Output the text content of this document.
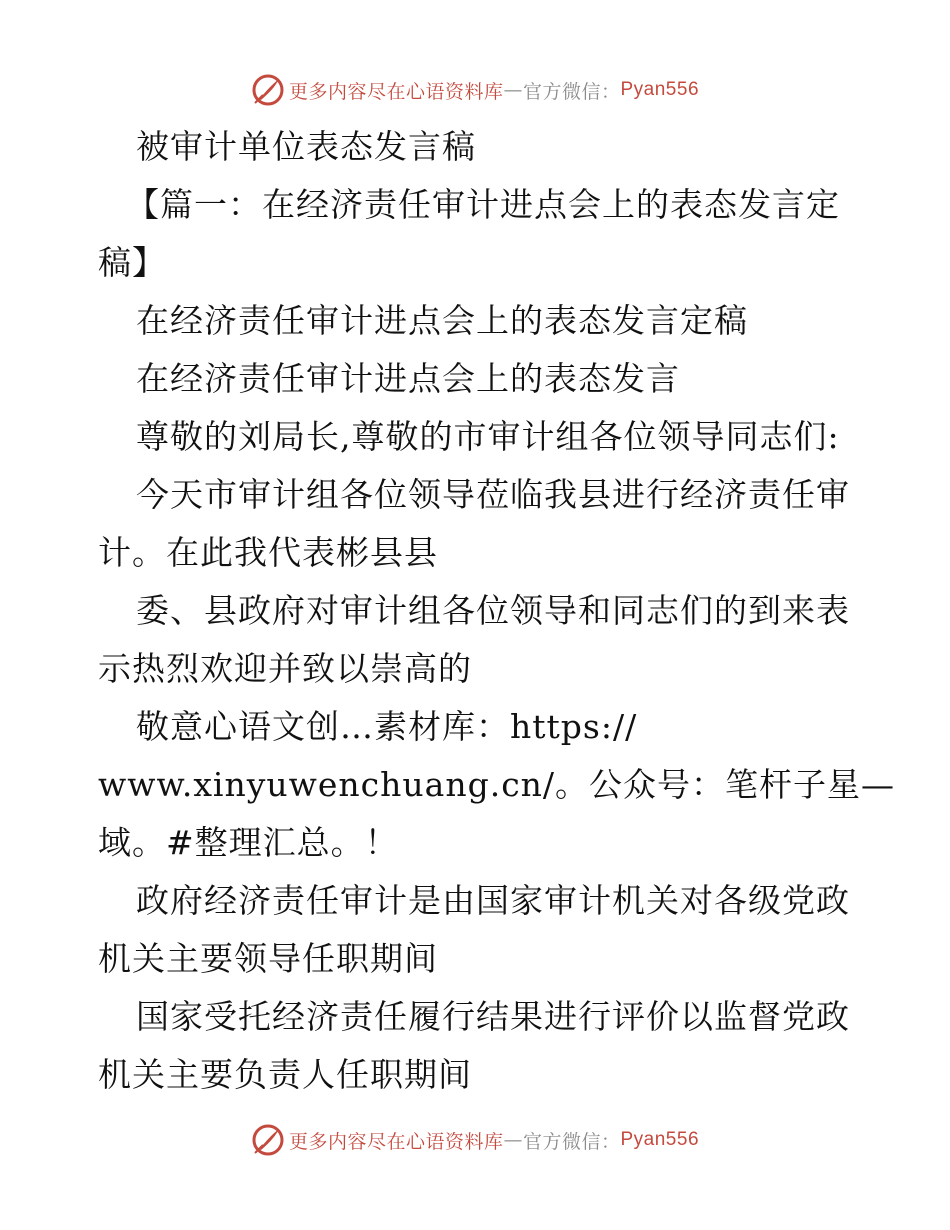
更多内容尽在心语资料库 — 官方微信： Pyan556
被审计单位表态发言稿
【篇一：在经济责任审计进点会上的表态发言定
稿】
在经济责任审计进点会上的表态发言定稿
在经济责任审计进点会上的表态发言
尊敬的刘局长,尊敬的市审计组各位领导同志们:
今天市审计组各位领导莅临我县进行经济责任审
计。在此我代表彬县县
委、县政府对审计组各位领导和同志们的到来表
示热烈欢迎并致以崇高的
敬意心语文创…素材库：https://
www.xinyuwenchuang.cn/。公众号：笔杆子星—
域。#整理汇总。！
政府经济责任审计是由国家审计机关对各级党政
机关主要领导任职期间
国家受托经济责任履行结果进行评价以监督党政
机关主要负责人任职期间
更多内容尽在心语资料库 — 官方微信： Pyan556
